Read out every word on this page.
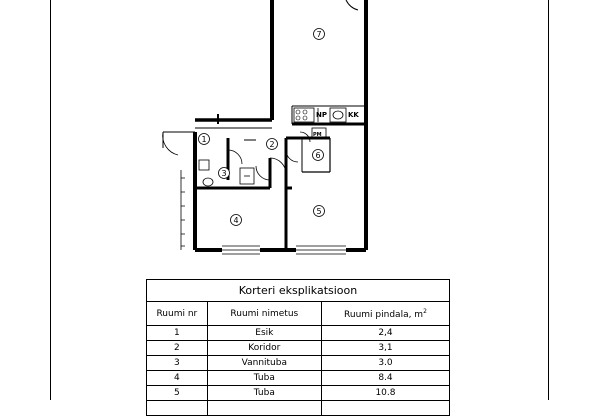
7
1
2
3
6
4
5
NP	KK
PM
Korteri eksplikatsioon		
Ruumi nr	Ruumi nimetus	Ruumi pindala, $m^2$
1	Esik	2,4
2	Koridor	3,1
3	Vannituba	3.0
4	Tuba	8.4
5	Tuba	10.8
